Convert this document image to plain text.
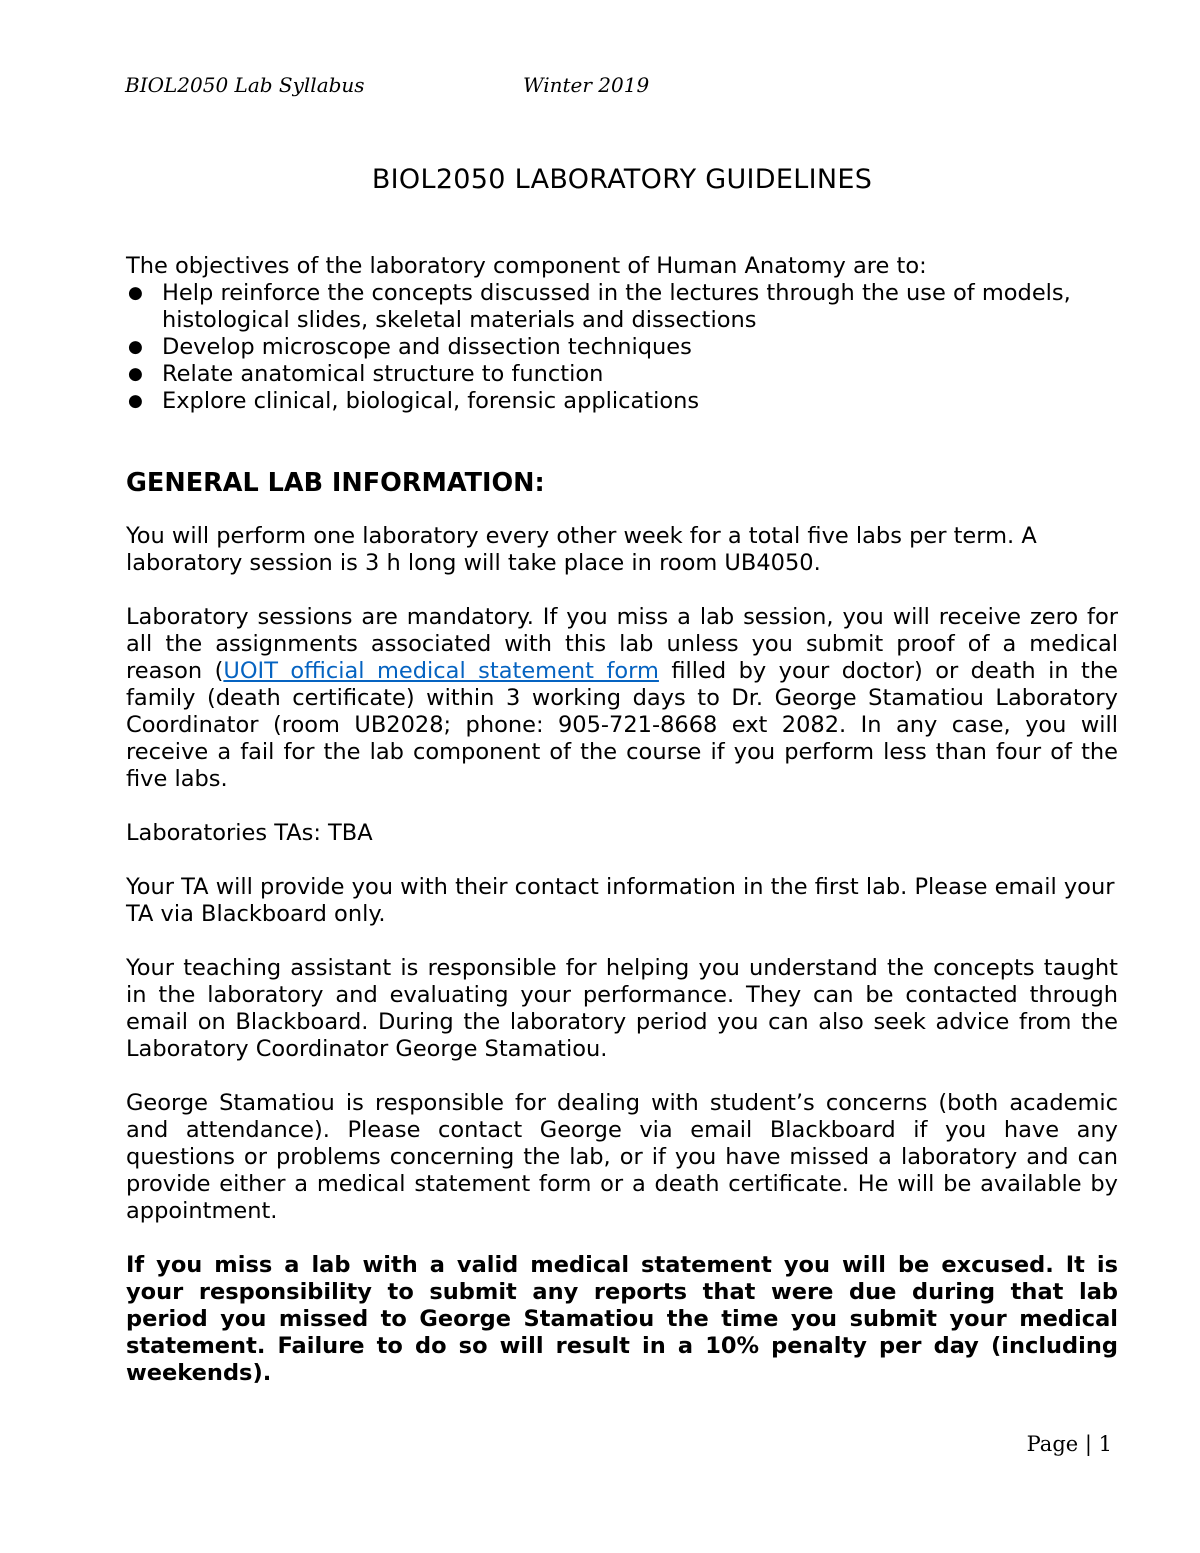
BIOL2050 Lab Syllabus	Winter 2019
BIOL2050 LABORATORY GUIDELINES

The objectives of the laboratory component of Human Anatomy are to:

● Help reinforce the concepts discussed in the lectures through the use of models, histological slides, skeletal materials and dissections
● Develop microscope and dissection techniques
● Relate anatomical structure to function
● Explore clinical, biological, forensic applications
GENERAL LAB INFORMATION:

You will perform one laboratory every other week for a total five labs per term. A laboratory session is 3 h long will take place in room UB4050.

Laboratory sessions are mandatory. If you miss a lab session, you will receive zero for all the assignments associated with this lab unless you submit proof of a medical reason (UOIT official medical statement form filled by your doctor) or death in the family (death certificate) within 3 working days to Dr. George Stamatiou Laboratory Coordinator (room UB2028; phone: 905-721-8668 ext 2082. In any case, you will receive a fail for the lab component of the course if you perform less than four of the five labs.

Laboratories TAs: TBA

Your TA will provide you with their contact information in the first lab. Please email your TA via Blackboard only.

Your teaching assistant is responsible for helping you understand the concepts taught in the laboratory and evaluating your performance. They can be contacted through email on Blackboard. During the laboratory period you can also seek advice from the Laboratory Coordinator George Stamatiou.

George Stamatiou is responsible for dealing with student’s concerns (both academic and attendance). Please contact George via email Blackboard if you have any questions or problems concerning the lab, or if you have missed a laboratory and can provide either a medical statement form or a death certificate. He will be available by appointment.

If you miss a lab with a valid medical statement you will be excused. It is your responsibility to submit any reports that were due during that lab period you missed to George Stamatiou the time you submit your medical statement. Failure to do so will result in a 10% penalty per day (including weekends).

Page | 1
